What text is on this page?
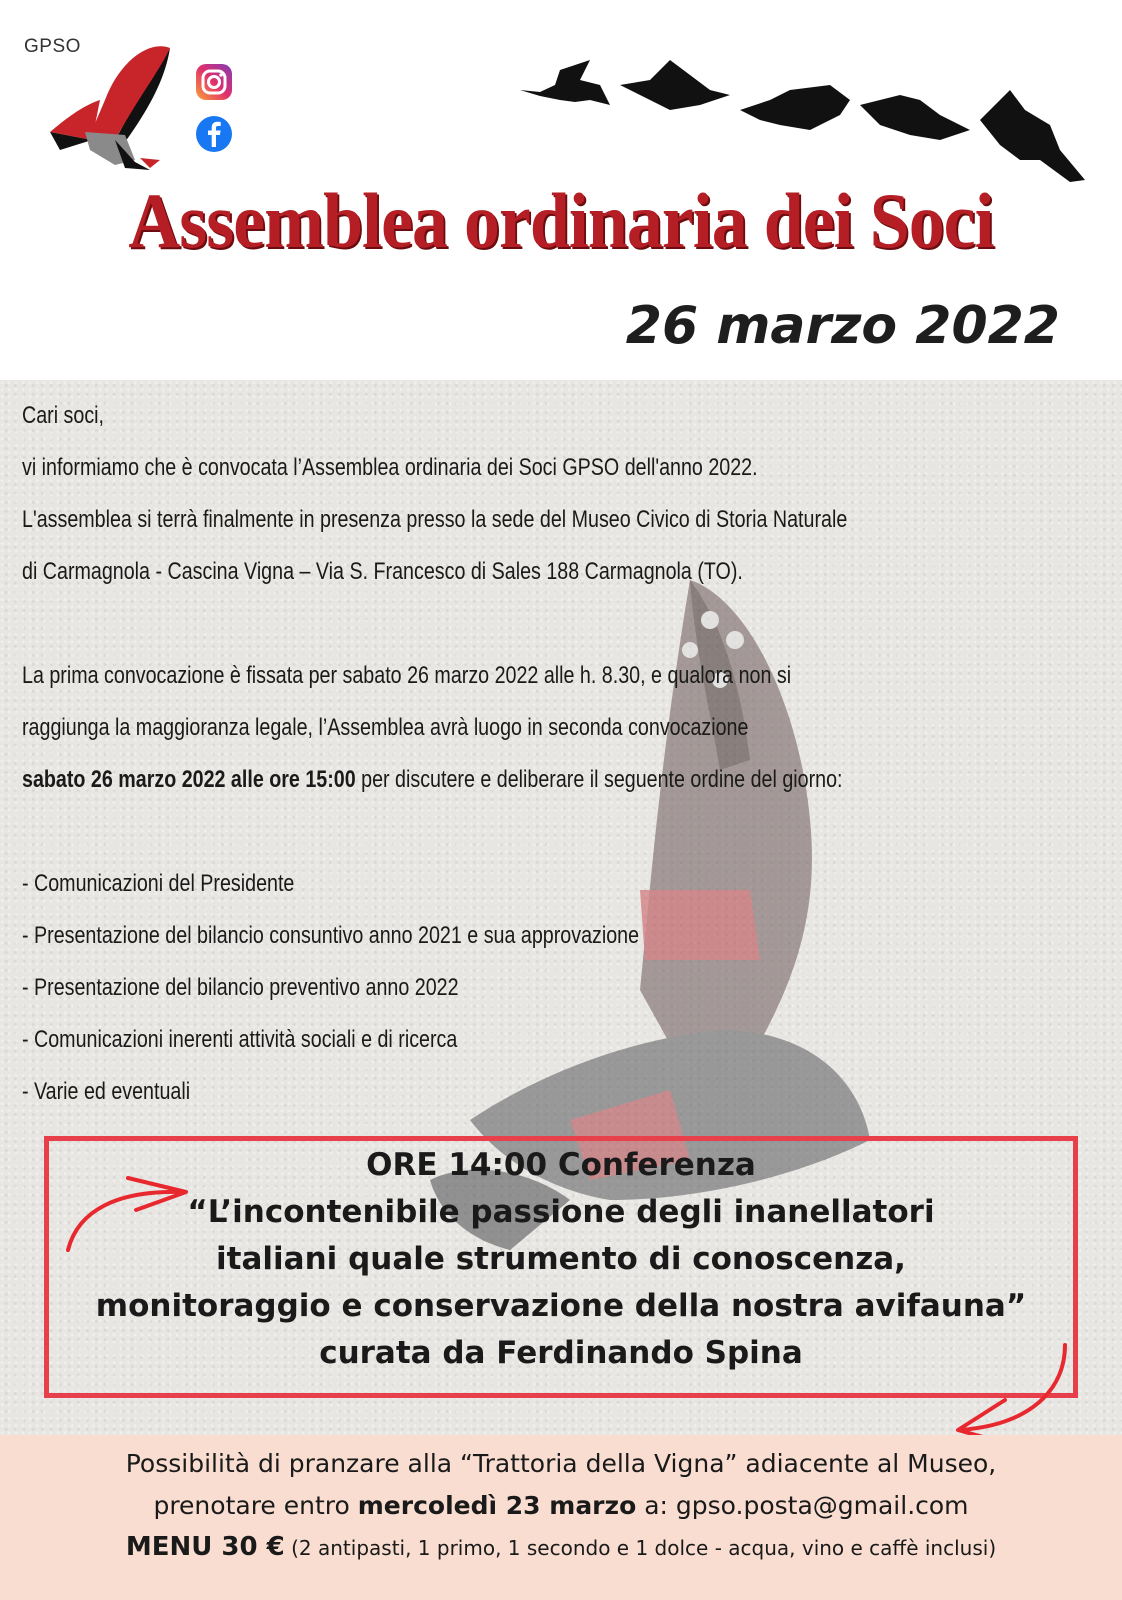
GPSO
Assemblea ordinaria dei Soci
26 marzo 2022

Cari soci,

vi informiamo che è convocata l’Assemblea ordinaria dei Soci GPSO dell'anno 2022.

L'assemblea si terrà finalmente in presenza presso la sede del Museo Civico di Storia Naturale

di Carmagnola - Cascina Vigna – Via S. Francesco di Sales 188 Carmagnola (TO).

La prima convocazione è fissata per sabato 26 marzo 2022 alle h. 8.30, e qualora non si

raggiunga la maggioranza legale, l’Assemblea avrà luogo in seconda convocazione

sabato 26 marzo 2022 alle ore 15:00 per discutere e deliberare il seguente ordine del giorno:

- Comunicazioni del Presidente

- Presentazione del bilancio consuntivo anno 2021 e sua approvazione

- Presentazione del bilancio preventivo anno 2022

- Comunicazioni inerenti attività sociali e di ricerca

- Varie ed eventuali

ORE 14:00 Conferenza
“L’incontenibile passione degli inanellatori
italiani quale strumento di conoscenza,
monitoraggio e conservazione della nostra avifauna”
curata da Ferdinando Spina
Possibilità di pranzare alla “Trattoria della Vigna” adiacente al Museo,
prenotare entro mercoledì 23 marzo a: gpso.posta@gmail.com
MENU 30 € (2 antipasti, 1 primo, 1 secondo e 1 dolce - acqua, vino e caffè inclusi)
